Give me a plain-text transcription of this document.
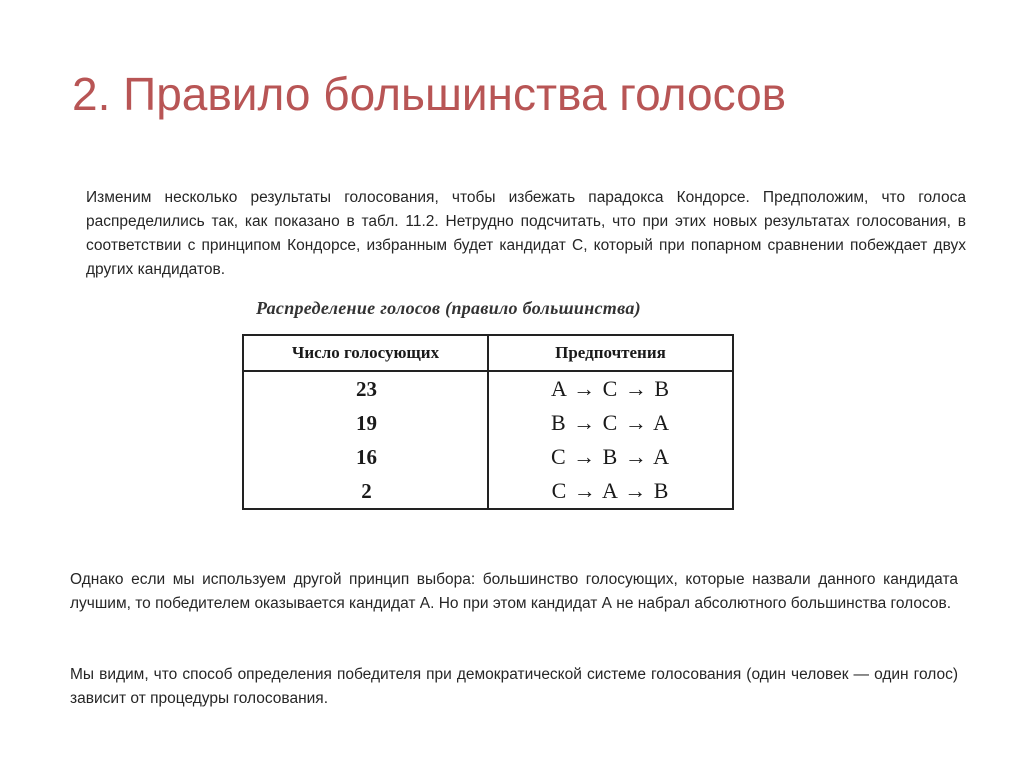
2. Правило большинства голосов

Изменим несколько результаты голосования, чтобы избежать парадокса Кондорсе. Предположим, что голоса распределились так, как показано в табл. 11.2. Нетрудно подсчитать, что при этих новых результатах голосования, в соответствии с принципом Кондорсе, избранным будет кандидат С, который при попарном сравнении побеждает двух других кандидатов.

Распределение голосов (правило большинства)
Число голосующих	Предпочтения
23	A → C → B
19	B → C → A
16	C → B → A
2	C → A → B

Однако если мы используем другой принцип выбора: большинство голосующих, которые назвали данного кандидата лучшим, то победителем оказывается кандидат А. Но при этом кандидат А не набрал абсолютного большинства голосов.

Мы видим, что способ определения победителя при демократической системе голосования (один человек — один голос) зависит от процедуры голосования.
